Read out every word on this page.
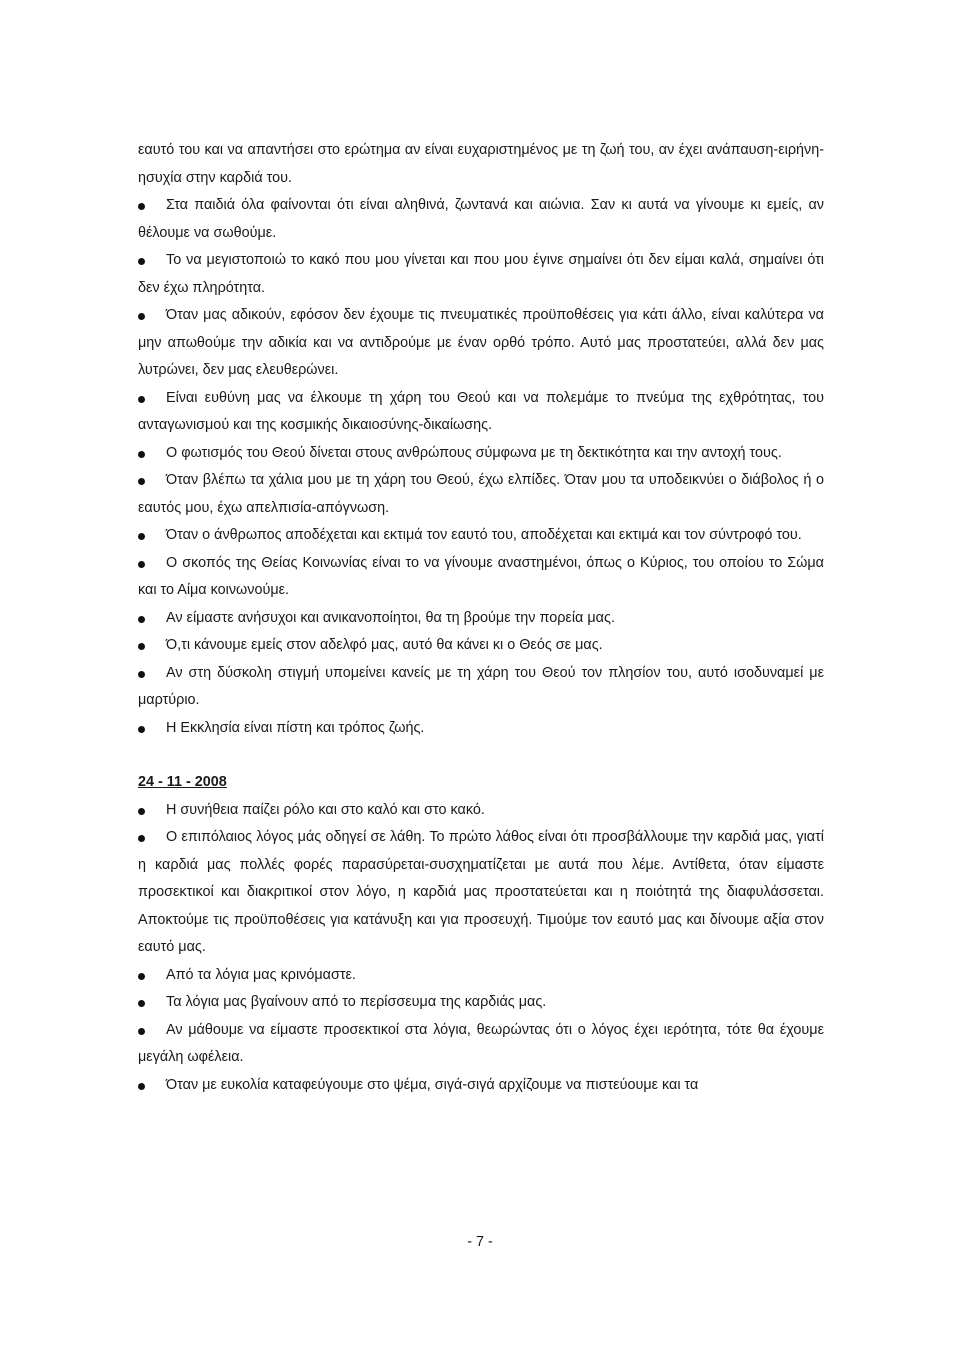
εαυτό του και να απαντήσει στο ερώτημα αν είναι ευχαριστημένος με τη ζωή του, αν έχει ανάπαυση-ειρήνη-ησυχία στην καρδιά του.

Στα παιδιά όλα φαίνονται ότι είναι αληθινά, ζωντανά και αιώνια. Σαν κι αυτά να γίνουμε κι εμείς, αν θέλουμε να σωθούμε.

Το να μεγιστοποιώ το κακό που μου γίνεται και που μου έγινε σημαίνει ότι δεν είμαι καλά, σημαίνει ότι δεν έχω πληρότητα.

Όταν μας αδικούν, εφόσον δεν έχουμε τις πνευματικές προϋποθέσεις για κάτι άλλο, είναι καλύτερα να μην απωθούμε την αδικία και να αντιδρούμε με έναν ορθό τρόπο. Αυτό μας προστατεύει, αλλά δεν μας λυτρώνει, δεν μας ελευθερώνει.

Είναι ευθύνη μας να έλκουμε τη χάρη του Θεού και να πολεμάμε το πνεύμα της εχθρότητας, του ανταγωνισμού και της κοσμικής δικαιοσύνης-δικαίωσης.

Ο φωτισμός του Θεού δίνεται στους ανθρώπους σύμφωνα με τη δεκτικότητα και την αντοχή τους.

Όταν βλέπω τα χάλια μου με τη χάρη του Θεού, έχω ελπίδες. Όταν μου τα υποδεικνύει ο διάβολος ή ο εαυτός μου, έχω απελπισία-απόγνωση.

Όταν ο άνθρωπος αποδέχεται και εκτιμά τον εαυτό του, αποδέχεται και εκτιμά και τον σύντροφό του.

Ο σκοπός της Θείας Κοινωνίας είναι το να γίνουμε αναστημένοι, όπως ο Κύριος, του οποίου το Σώμα και το Αίμα κοινωνούμε.

Αν είμαστε ανήσυχοι και ανικανοποίητοι, θα τη βρούμε την πορεία μας.

Ό,τι κάνουμε εμείς στον αδελφό μας, αυτό θα κάνει κι ο Θεός σε μας.

Αν στη δύσκολη στιγμή υπομείνει κανείς με τη χάρη του Θεού τον πλησίον του, αυτό ισοδυναμεί με μαρτύριο.

Η Εκκλησία είναι πίστη και τρόπος ζωής.

24 - 11 - 2008

Η συνήθεια παίζει ρόλο και στο καλό και στο κακό.

Ο επιπόλαιος λόγος μάς οδηγεί σε λάθη. Το πρώτο λάθος είναι ότι προσβάλλουμε την καρδιά μας, γιατί η καρδιά μας πολλές φορές παρασύρεται-συσχηματίζεται με αυτά που λέμε. Αντίθετα, όταν είμαστε προσεκτικοί και διακριτικοί στον λόγο, η καρδιά μας προστατεύεται και η ποιότητά της διαφυλάσσεται. Αποκτούμε τις προϋποθέσεις για κατάνυξη και για προσευχή. Τιμούμε τον εαυτό μας και δίνουμε αξία στον εαυτό μας.

Από τα λόγια μας κρινόμαστε.

Τα λόγια μας βγαίνουν από το περίσσευμα της καρδιάς μας.

Αν μάθουμε να είμαστε προσεκτικοί στα λόγια, θεωρώντας ότι ο λόγος έχει ιερότητα, τότε θα έχουμε μεγάλη ωφέλεια.

Όταν με ευκολία καταφεύγουμε στο ψέμα, σιγά-σιγά αρχίζουμε να πιστεύουμε και τα

- 7 -
